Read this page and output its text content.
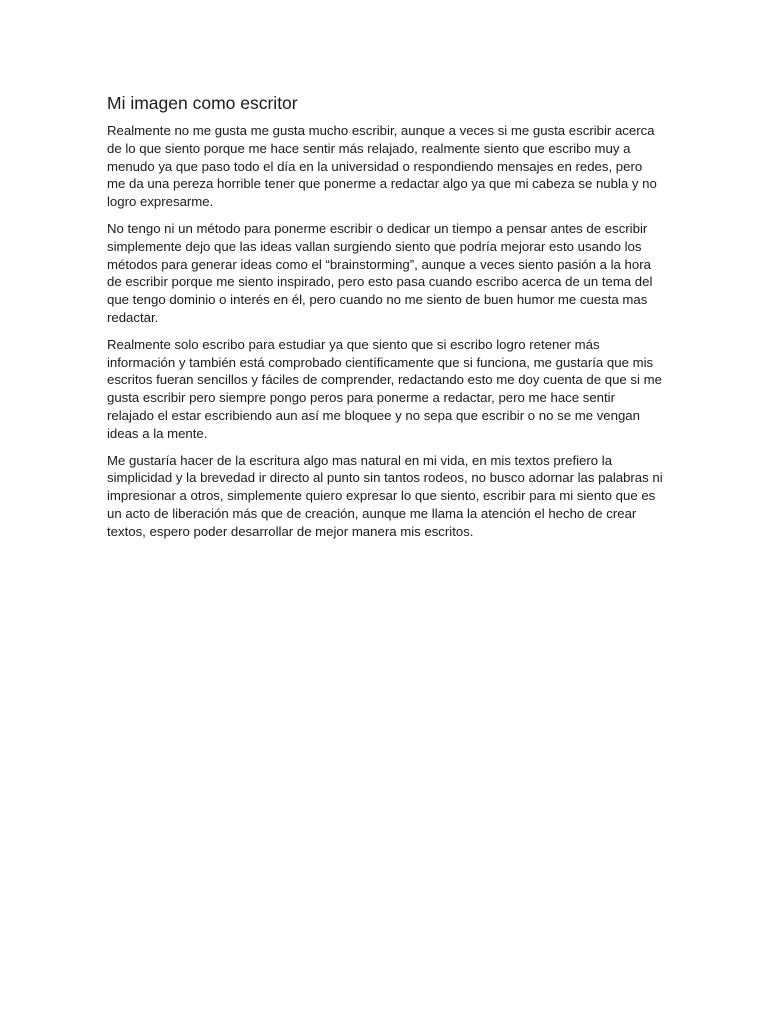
Mi imagen como escritor

Realmente no me gusta me gusta mucho escribir, aunque a veces si me gusta escribir acerca de lo que siento porque me hace sentir más relajado, realmente siento que escribo muy a menudo ya que paso todo el día en la universidad o respondiendo mensajes en redes, pero me da una pereza horrible tener que ponerme a redactar algo ya que mi cabeza se nubla y no logro expresarme.

No tengo ni un método para ponerme escribir o dedicar un tiempo a pensar antes de escribir simplemente dejo que las ideas vallan surgiendo siento que podría mejorar esto usando los métodos para generar ideas como el “brainstorming”, aunque a veces siento pasión a la hora de escribir porque me siento inspirado, pero esto pasa cuando escribo acerca de un tema del que tengo dominio o interés en él, pero cuando no me siento de buen humor me cuesta mas redactar.

Realmente solo escribo para estudiar ya que siento que si escribo logro retener más información y también está comprobado científicamente que si funciona, me gustaría que mis escritos fueran sencillos y fáciles de comprender, redactando esto me doy cuenta de que si me gusta escribir pero siempre pongo peros para ponerme a redactar, pero me hace sentir relajado el estar escribiendo aun así me bloquee y no sepa que escribir o no se me vengan ideas a la mente.

Me gustaría hacer de la escritura algo mas natural en mi vida, en mis textos prefiero la simplicidad y la brevedad ir directo al punto sin tantos rodeos, no busco adornar las palabras ni impresionar a otros, simplemente quiero expresar lo que siento, escribir para mi siento que es un acto de liberación más que de creación, aunque me llama la atención el hecho de crear textos, espero poder desarrollar de mejor manera mis escritos.
